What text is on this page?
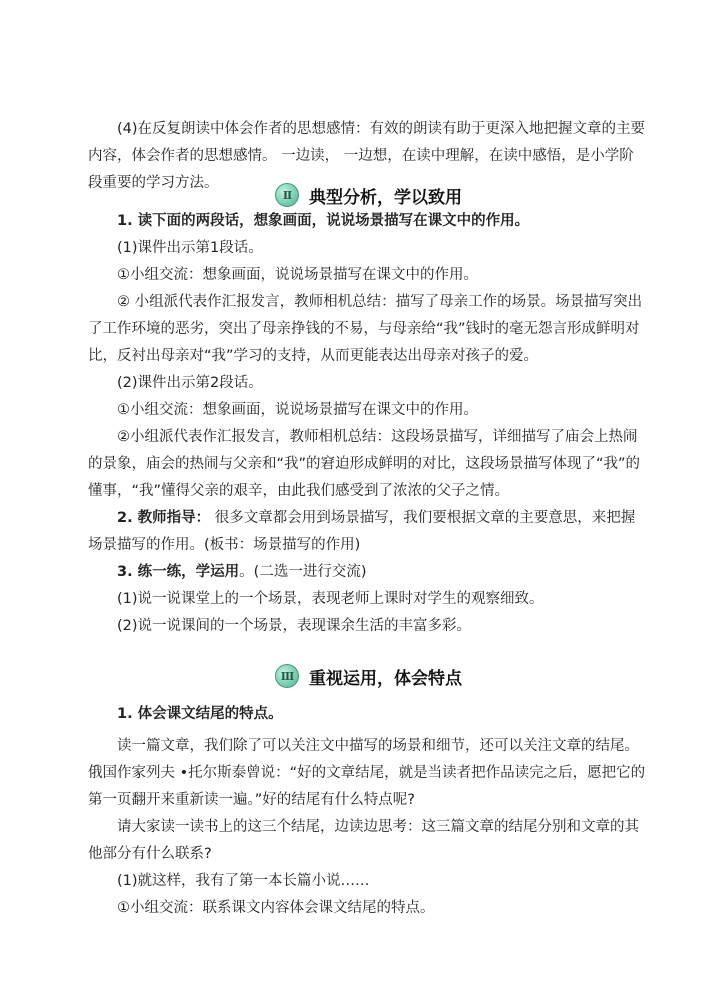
(4)在反复朗读中体会作者的思想感情：有效的朗读有助于更深入地把握文章的主要内容，体会作者的思想感情。 一边读， 一边想，在读中理解，在读中感悟，是小学阶段重要的学习方法。

II	典型分析，学以致用
1. 读下面的两段话，想象画面，说说场景描写在课文中的作用。
(1)课件出示第1段话。
①小组交流：想象画面，说说场景描写在课文中的作用。

② 小组派代表作汇报发言，教师相机总结：描写了母亲工作的场景。场景描写突出了工作环境的恶劣，突出了母亲挣钱的不易，与母亲给“我”钱时的毫无怨言形成鲜明对比，反衬出母亲对“我”学习的支持，从而更能表达出母亲对孩子的爱。

(2)课件出示第2段话。
①小组交流：想象画面，说说场景描写在课文中的作用。

②小组派代表作汇报发言，教师相机总结：这段场景描写，详细描写了庙会上热闹的景象，庙会的热闹与父亲和“我”的窘迫形成鲜明的对比，这段场景描写体现了“我”的懂事，“我”懂得父亲的艰辛，由此我们感受到了浓浓的父子之情。

2. 教师指导： 很多文章都会用到场景描写，我们要根据文章的主要意思，来把握场景描写的作用。(板书：场景描写的作用)

3. 练一练，学运用。(二选一进行交流)
(1)说一说课堂上的一个场景，表现老师上课时对学生的观察细致。
(2)说一说课间的一个场景，表现课余生活的丰富多彩。
III 重视运用，体会特点
1. 体会课文结尾的特点。

读一篇文章，我们除了可以关注文中描写的场景和细节，还可以关注文章的结尾。俄国作家列夫 •托尔斯泰曾说：“好的文章结尾，就是当读者把作品读完之后，愿把它的第一页翻开来重新读一遍。”好的结尾有什么特点呢?

请大家读一读书上的这三个结尾，边读边思考：这三篇文章的结尾分别和文章的其他部分有什么联系?

(1)就这样，我有了第一本长篇小说……
①小组交流：联系课文内容体会课文结尾的特点。
